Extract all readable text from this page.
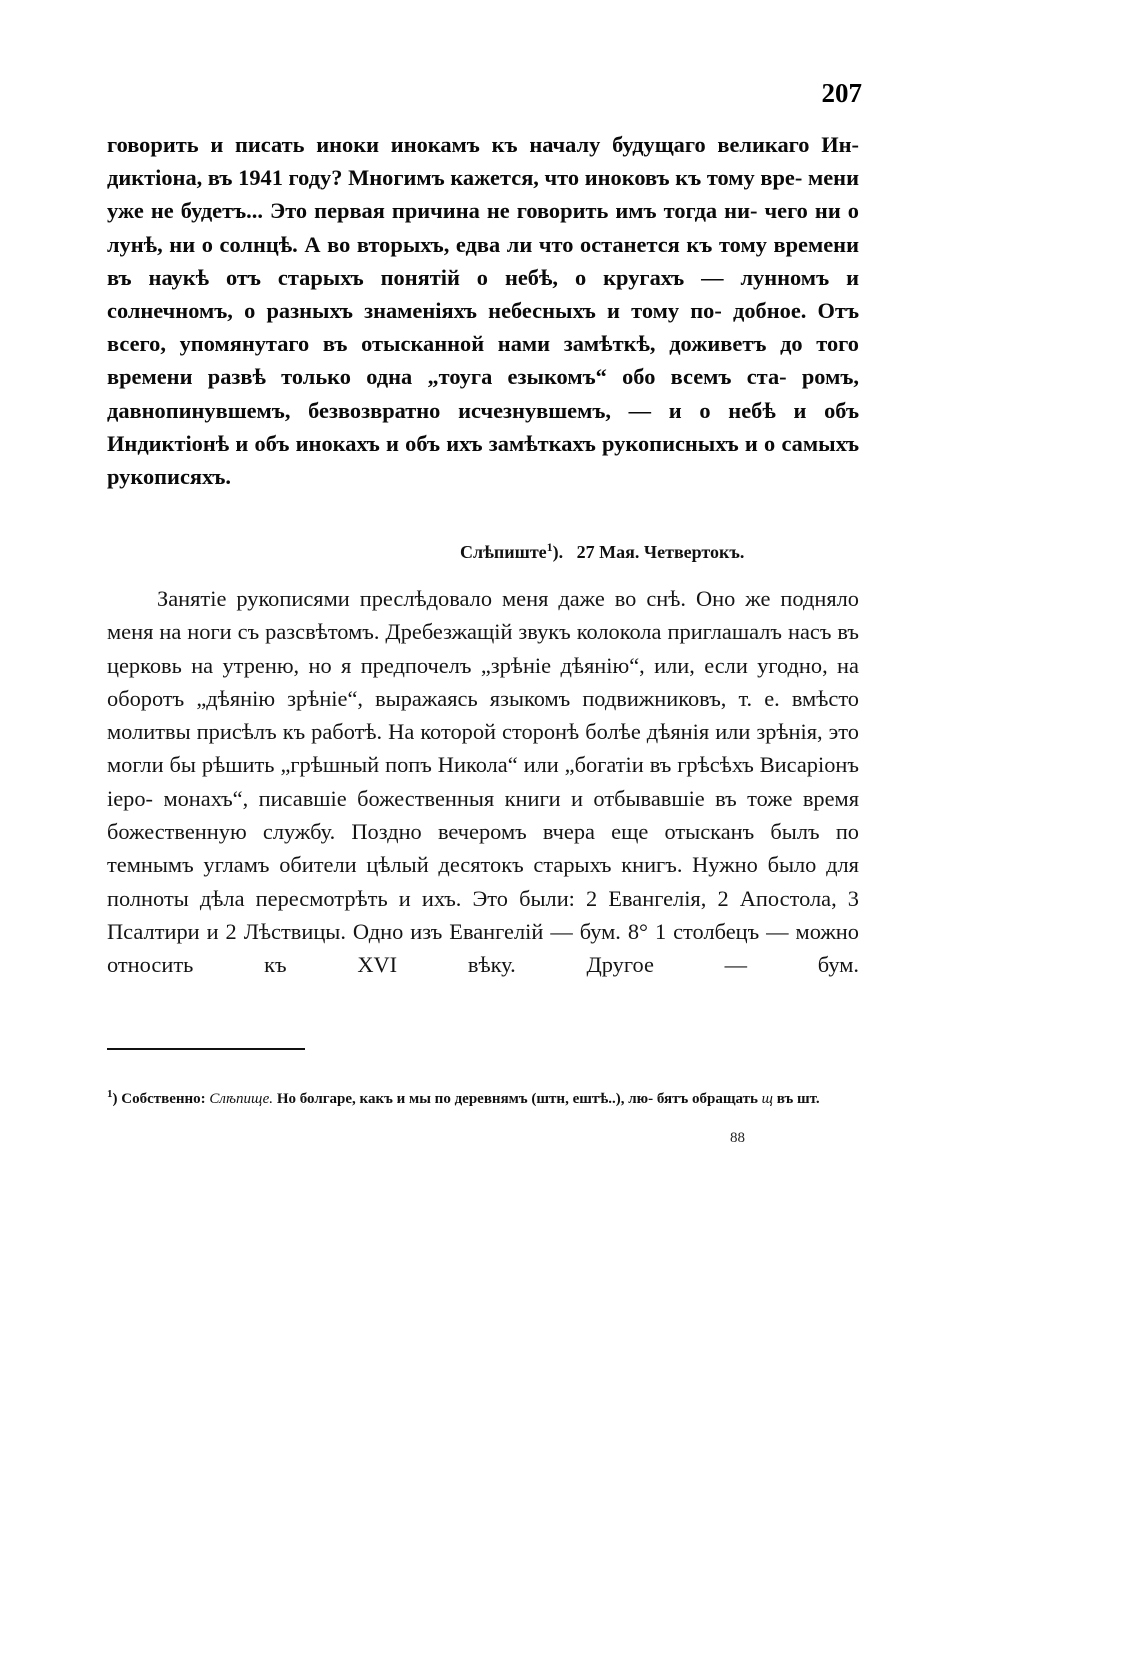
207

говорить и писать иноки инокамъ къ началу будущаго великаго Ин- диктiона, въ 1941 году? Многимъ кажется, что иноковъ къ тому вре- мени уже не будетъ... Это первая причина не говорить имъ тогда ни- чего ни о лунѣ, ни о солнцѣ. А во вторыхъ, едва ли что останется къ тому времени въ наукѣ отъ старыхъ понятiй о небѣ, о кругахъ — лунномъ и солнечномъ, о разныхъ знаменiяхъ небесныхъ и тому по- добное. Отъ всего, упомянутаго въ отысканной нами замѣткѣ, доживетъ до того времени развѣ только одна „тоуга езыкомъ“ обо всемъ ста- ромъ, давнопинувшемъ, безвозвратно исчезнувшемъ, — и о небѣ и объ Индиктiонѣ и объ инокахъ и объ ихъ замѣткахъ рукописныхъ и о самыхъ рукописяхъ.

Слѣпиште$^1$).   27 Мая. Четвертокъ.

Занятiе рукописями преслѣдовало меня даже во снѣ. Оно же подняло меня на ноги съ разсвѣтомъ. Дребезжащiй звукъ колокола приглашалъ насъ въ церковь на утреню, но я предпочелъ „зрѣнiе дѣянiю“, или, если угодно, на оборотъ „дѣянiю зрѣнiе“, выражаясь языкомъ подвижниковъ, т. е. вмѣсто молитвы присѣлъ къ работѣ. На которой сторонѣ болѣе дѣянiя или зрѣнiя, это могли бы рѣшить „грѣшный попъ Никола“ или „богатiи въ грѣсѣхъ Висарiонъ iеро- монахъ“, писавшiе божественныя книги и отбывавшiе въ тоже время божественную службу. Поздно вечеромъ вчера еще отысканъ былъ по темнымъ угламъ обители цѣлый десятокъ старыхъ книгъ. Нужно было для полноты дѣла пересмотрѣть и ихъ. Это были: 2 Евангелiя, 2 Апостола, 3 Псалтири и 2 Лѣствицы. Одно изъ Евангелiй — бум. 8° 1 столбецъ — можно относить къ XVI вѣку. Другое — бум.

$^1$) Собственно: Слѣпище. Но болгаре, какъ и мы по деревнямъ (штн, ештѣ..), лю- бятъ обращать щ въ шт.

88
